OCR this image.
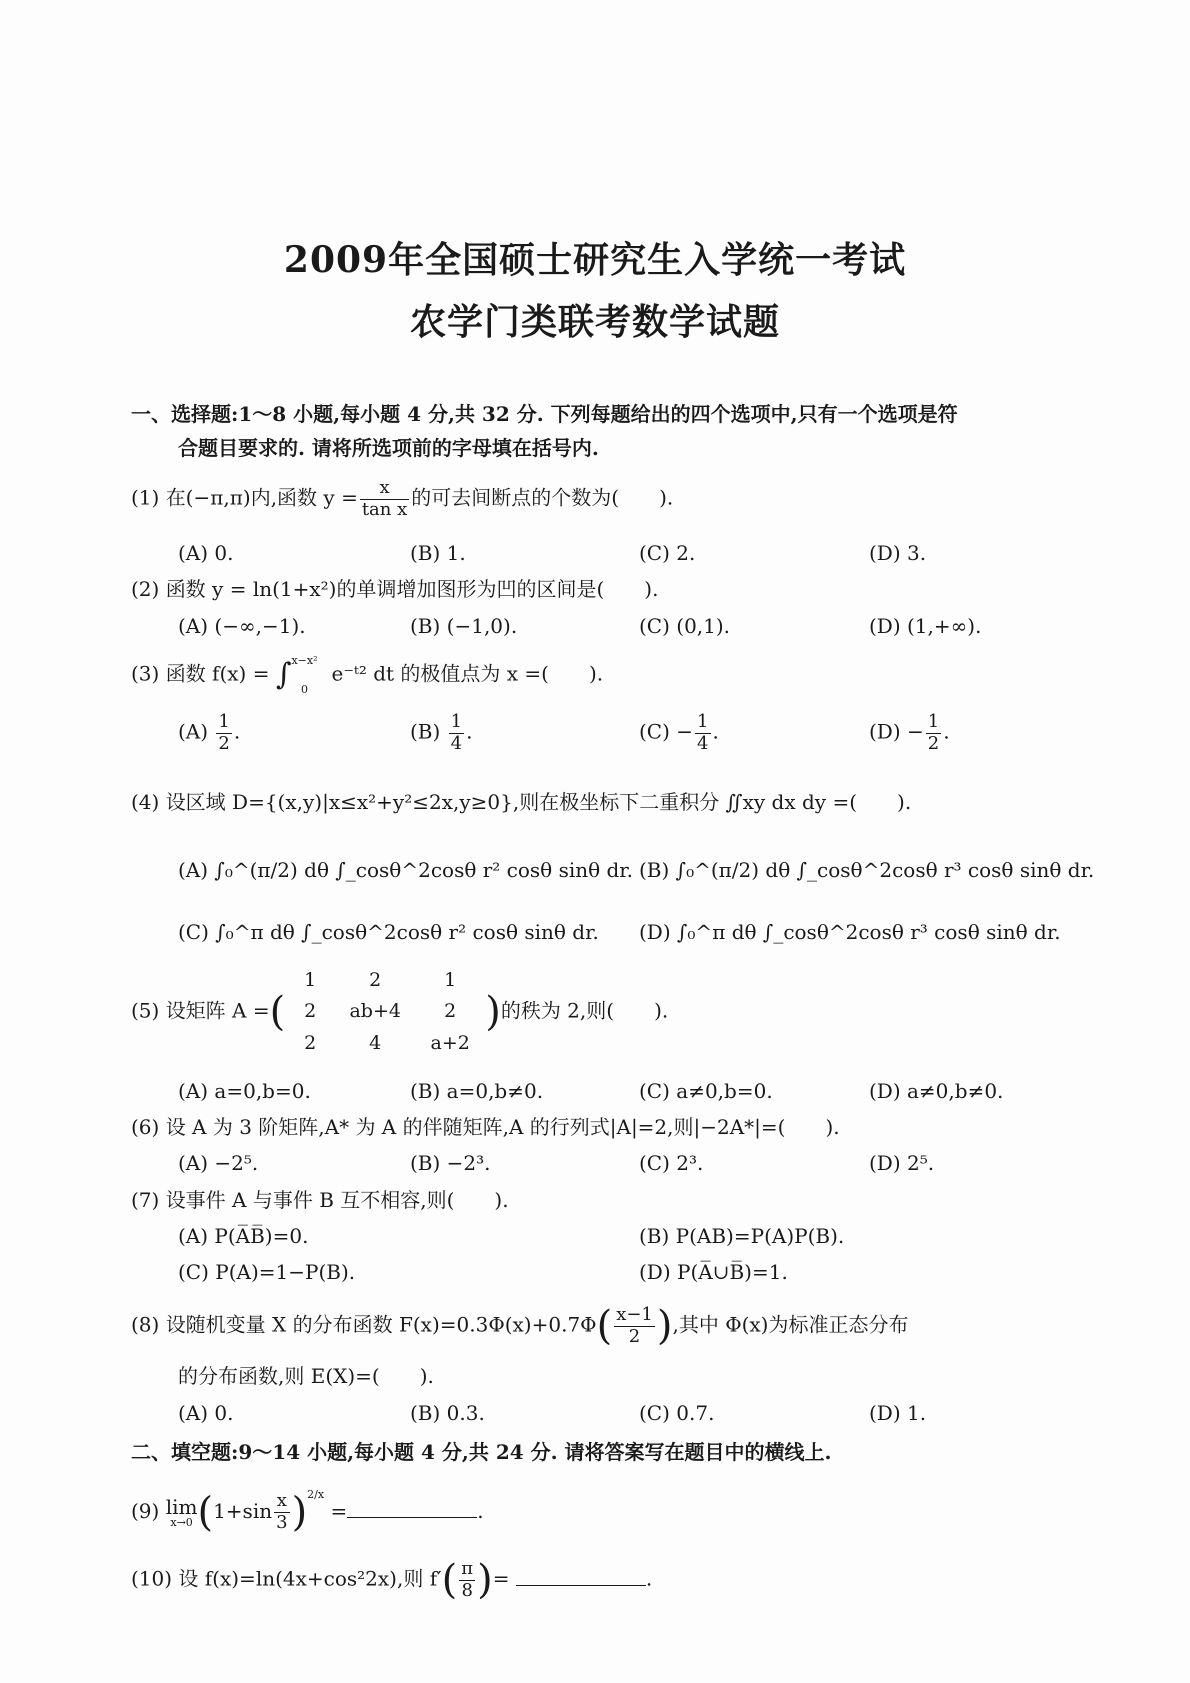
2009年全国硕士研究生入学统一考试
农学门类联考数学试题
一、选择题:1～8 小题,每小题 4 分,共 32 分. 下列每题给出的四个选项中,只有一个选项是符
合题目要求的. 请将所选项前的字母填在括号内.
(1) 在(−π,π)内,函数 $y = \frac{x}{\text{tan x}}$ 的可去间断点的个数为(　　).
(A) 0.	(B) 1.	(C) 2.	(D) 3.
(2) 函数 y = ln(1+x²)的单调增加图形为凹的区间是(　　).
(A) (−∞,−1).	(B) (−1,0).	(C) (0,1).	(D) (1,+∞).
(3) 函数 f(x) = ∫ x−x²
0
e⁻ᵗ² dt 的极值点为 x =(　　).
$(A) \frac{1}{2}$ .	$(B) \frac{1}{4}$ .	$(C) - \frac{1}{4}$ .	$(D) - \frac{1}{2}$ .
(4) 设区域 D={(x,y)|x≤x²+y²≤2x,y≥0},则在极坐标下二重积分 ∬xy dx dy =(　　).
(A) ∫₀^(π/2) dθ ∫_cosθ^2cosθ r² cosθ sinθ dr. (B) ∫₀^(π/2) dθ ∫_cosθ^2cosθ r³ cosθ sinθ dr.
(C) ∫₀^π dθ ∫_cosθ^2cosθ r² cosθ sinθ dr. (D) ∫₀^π dθ ∫_cosθ^2cosθ r³ cosθ sinθ dr.
(5) 设矩阵 A =(
1	2	1
2	ab+4	2
2	4	a+2
)的秩为 2,则(　　).
(A) a=0,b=0.	(B) a=0,b≠0.	(C) a≠0,b=0.	(D) a≠0,b≠0.
(6) 设 A 为 3 阶矩阵,A* 为 A 的伴随矩阵,A 的行列式|A|=2,则|−2A*|=(　　).
(A) −2⁵.	(B) −2³.	(C) 2³.	(D) 2⁵.
(7) 设事件 A 与事件 B 互不相容,则(　　).
(A) P(A̅B̅)=0.	(B) P(AB)=P(A)P(B).
(C) P(A)=1−P(B).	(D) P(A̅∪B̅)=1.
(8) 设随机变量 X 的分布函数 $F(x)=0.3\Phi(x)+0.7\Phi( \frac{x-1}{2}$ ),其中 Φ(x)为标准正态分布
的分布函数,则 E(X)=(　　).
(A) 0.	(B) 0.3.	(C) 0.7.	(D) 1.
二、填空题:9～14 小题,每小题 4 分,共 24 分. 请将答案写在题目中的横线上.
(9) lim
x→0 $(1+\sin \frac{x}{3} )^{2/x}$ =	.
(10) 设 f(x)=ln(4x+cos²2x),则 $f'( \frac{\pi}{8}$ )=	.
